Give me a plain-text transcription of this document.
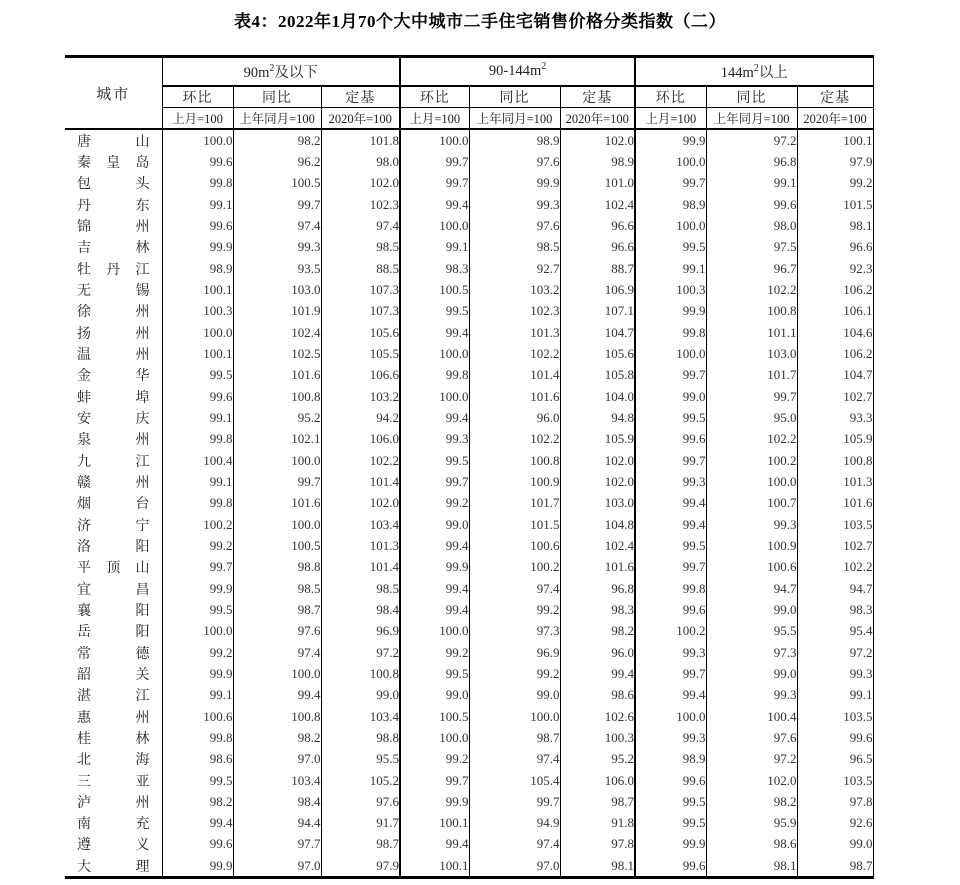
表4：2022年1月70个大中城市二手住宅销售价格分类指数（二）
城市	$90m^2$及以下			$90-144m^2$			$144m^2$以上		
	环比	同比	定基	环比	同比	定基	环比	同比	定基
	上月=100	上年同月=100	2020年=100	上月=100	上年同月=100	2020年=100	上月=100	上年同月=100	2020年=100
唐山	100.0	98.2	101.8	100.0	98.9	102.0	99.9	97.2	100.1
秦皇岛	99.6	96.2	98.0	99.7	97.6	98.9	100.0	96.8	97.9
包头	99.8	100.5	102.0	99.7	99.9	101.0	99.7	99.1	99.2
丹东	99.1	99.7	102.3	99.4	99.3	102.4	98.9	99.6	101.5
锦州	99.6	97.4	97.4	100.0	97.6	96.6	100.0	98.0	98.1
吉林	99.9	99.3	98.5	99.1	98.5	96.6	99.5	97.5	96.6
牡丹江	98.9	93.5	88.5	98.3	92.7	88.7	99.1	96.7	92.3
无锡	100.1	103.0	107.3	100.5	103.2	106.9	100.3	102.2	106.2
徐州	100.3	101.9	107.3	99.5	102.3	107.1	99.9	100.8	106.1
扬州	100.0	102.4	105.6	99.4	101.3	104.7	99.8	101.1	104.6
温州	100.1	102.5	105.5	100.0	102.2	105.6	100.0	103.0	106.2
金华	99.5	101.6	106.6	99.8	101.4	105.8	99.7	101.7	104.7
蚌埠	99.6	100.8	103.2	100.0	101.6	104.0	99.0	99.7	102.7
安庆	99.1	95.2	94.2	99.4	96.0	94.8	99.5	95.0	93.3
泉州	99.8	102.1	106.0	99.3	102.2	105.9	99.6	102.2	105.9
九江	100.4	100.0	102.2	99.5	100.8	102.0	99.7	100.2	100.8
赣州	99.1	99.7	101.4	99.7	100.9	102.0	99.3	100.0	101.3
烟台	99.8	101.6	102.0	99.2	101.7	103.0	99.4	100.7	101.6
济宁	100.2	100.0	103.4	99.0	101.5	104.8	99.4	99.3	103.5
洛阳	99.2	100.5	101.3	99.4	100.6	102.4	99.5	100.9	102.7
平顶山	99.7	98.8	101.4	99.9	100.2	101.6	99.7	100.6	102.2
宜昌	99.9	98.5	98.5	99.4	97.4	96.8	99.8	94.7	94.7
襄阳	99.5	98.7	98.4	99.4	99.2	98.3	99.6	99.0	98.3
岳阳	100.0	97.6	96.9	100.0	97.3	98.2	100.2	95.5	95.4
常德	99.2	97.4	97.2	99.2	96.9	96.0	99.3	97.3	97.2
韶关	99.9	100.0	100.8	99.5	99.2	99.4	99.7	99.0	99.3
湛江	99.1	99.4	99.0	99.0	99.0	98.6	99.4	99.3	99.1
惠州	100.6	100.8	103.4	100.5	100.0	102.6	100.0	100.4	103.5
桂林	99.8	98.2	98.8	100.0	98.7	100.3	99.3	97.6	99.6
北海	98.6	97.0	95.5	99.2	97.4	95.2	98.9	97.2	96.5
三亚	99.5	103.4	105.2	99.7	105.4	106.0	99.6	102.0	103.5
泸州	98.2	98.4	97.6	99.9	99.7	98.7	99.5	98.2	97.8
南充	99.4	94.4	91.7	100.1	94.9	91.8	99.5	95.9	92.6
遵义	99.6	97.7	98.7	99.4	97.4	97.8	99.9	98.6	99.0
大理	99.9	97.0	97.9	100.1	97.0	98.1	99.6	98.1	98.7
